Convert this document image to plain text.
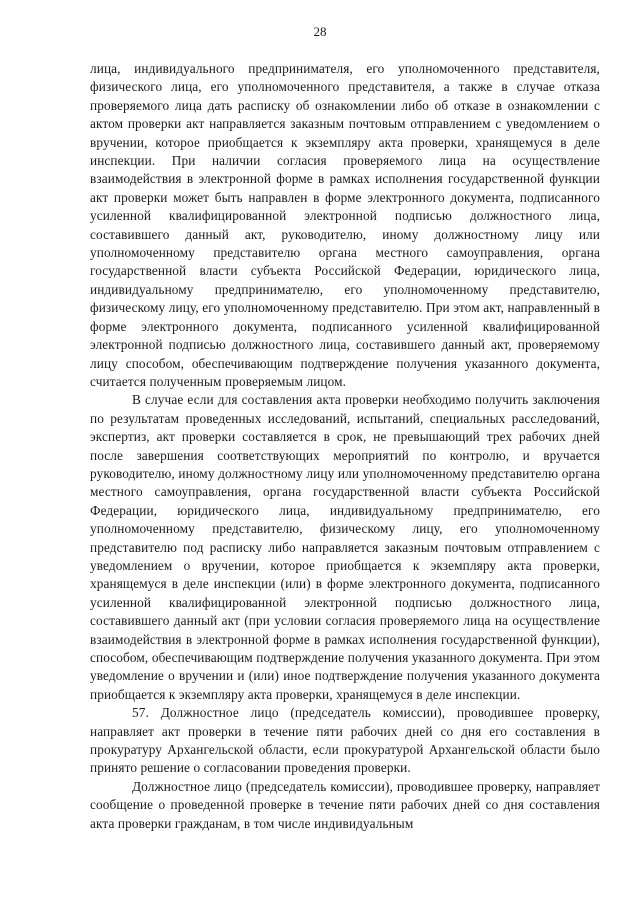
28

лица, индивидуального предпринимателя, его уполномоченного представителя, физического лица, его уполномоченного представителя, а также в случае отказа проверяемого лица дать расписку об ознакомлении либо об отказе в ознакомлении с актом проверки акт направляется заказным почтовым отправлением с уведомлением о вручении, которое приобщается к экземпляру акта проверки, хранящемуся в деле инспекции. При наличии согласия проверяемого лица на осуществление взаимодействия в электронной форме в рамках исполнения государственной функции акт проверки может быть направлен в форме электронного документа, подписанного усиленной квалифицированной электронной подписью должностного лица, составившего данный акт, руководителю, иному должностному лицу или уполномоченному представителю органа местного самоуправления, органа государственной власти субъекта Российской Федерации, юридического лица, индивидуальному предпринимателю, его уполномоченному представителю, физическому лицу, его уполномоченному представителю. При этом акт, направленный в форме электронного документа, подписанного усиленной квалифицированной электронной подписью должностного лица, составившего данный акт, проверяемому лицу способом, обеспечивающим подтверждение получения указанного документа, считается полученным проверяемым лицом.

В случае если для составления акта проверки необходимо получить заключения по результатам проведенных исследований, испытаний, специальных расследований, экспертиз, акт проверки составляется в срок, не превышающий трех рабочих дней после завершения соответствующих мероприятий по контролю, и вручается руководителю, иному должностному лицу или уполномоченному представителю органа местного самоуправления, органа государственной власти субъекта Российской Федерации, юридического лица, индивидуальному предпринимателю, его уполномоченному представителю, физическому лицу, его уполномоченному представителю под расписку либо направляется заказным почтовым отправлением с уведомлением о вручении, которое приобщается к экземпляру акта проверки, хранящемуся в деле инспекции (или) в форме электронного документа, подписанного усиленной квалифицированной электронной подписью должностного лица, составившего данный акт (при условии согласия проверяемого лица на осуществление взаимодействия в электронной форме в рамках исполнения государственной функции), способом, обеспечивающим подтверждение получения указанного документа. При этом уведомление о вручении и (или) иное подтверждение получения указанного документа приобщается к экземпляру акта проверки, хранящемуся в деле инспекции.

57. Должностное лицо (председатель комиссии), проводившее проверку, направляет акт проверки в течение пяти рабочих дней со дня его составления в прокуратуру Архангельской области, если прокуратурой Архангельской области было принято решение о согласовании проведения проверки.

Должностное лицо (председатель комиссии), проводившее проверку, направляет сообщение о проведенной проверке в течение пяти рабочих дней со дня составления акта проверки гражданам, в том числе индивидуальным
